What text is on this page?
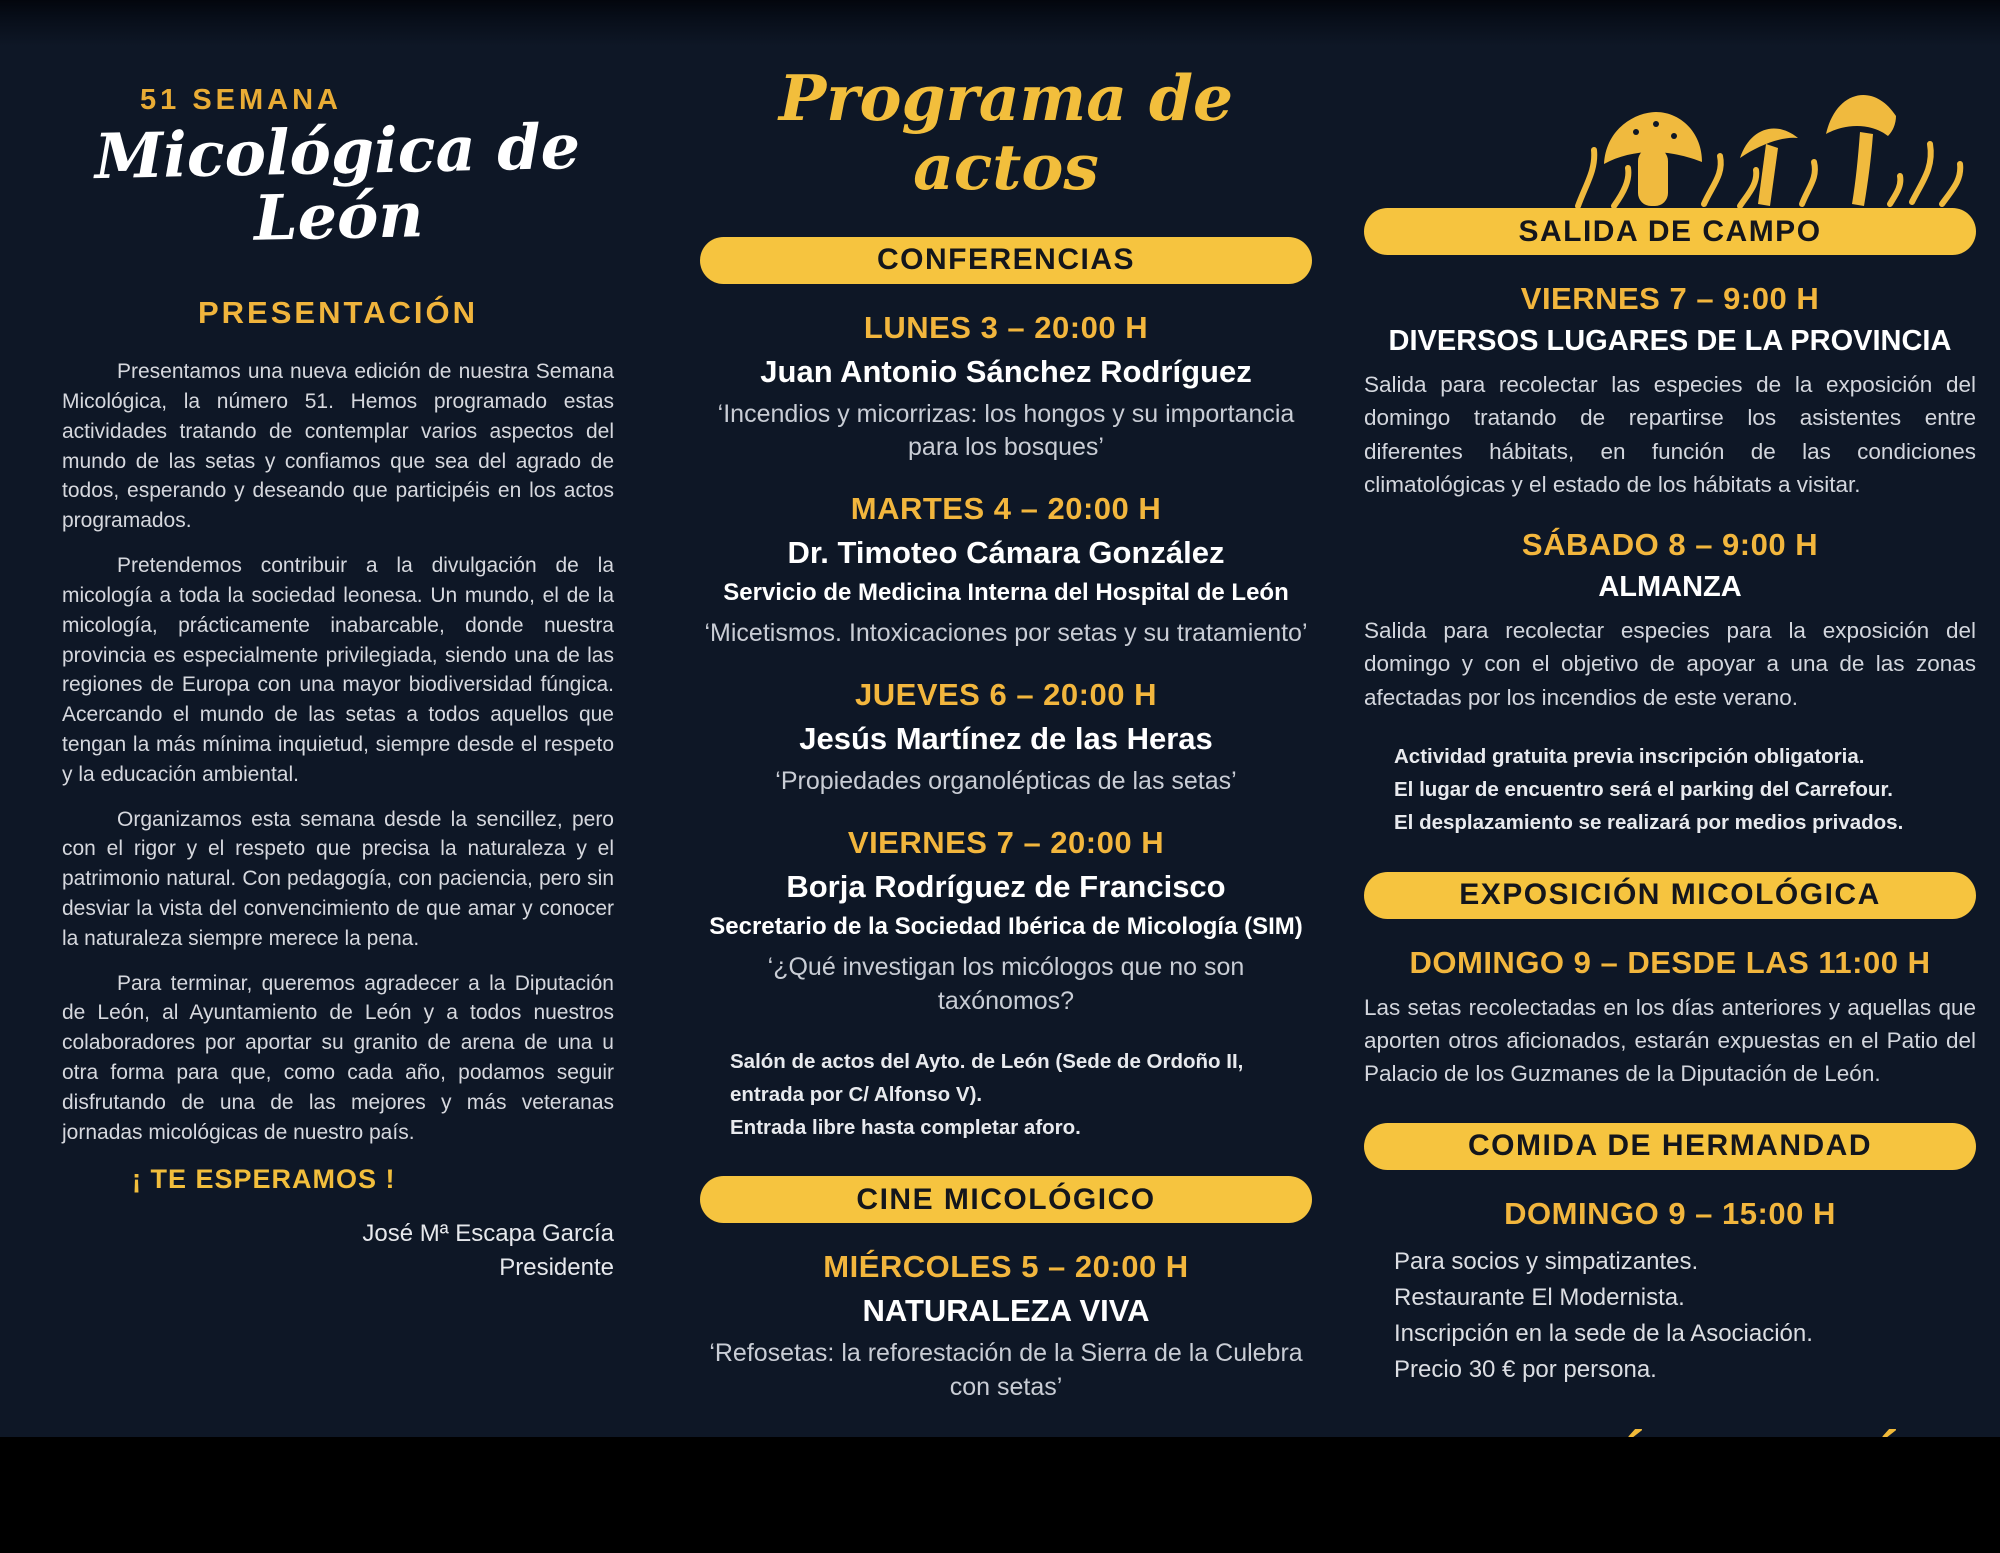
51 SEMANA
Micológica de León
PRESENTACIÓN

Presentamos una nueva edición de nuestra Semana Micológica, la número 51. Hemos programado estas actividades tratando de contemplar varios aspectos del mundo de las setas y confiamos que sea del agrado de todos, esperando y deseando que participéis en los actos programados.

Pretendemos contribuir a la divulgación de la micología a toda la sociedad leonesa. Un mundo, el de la micología, prácticamente inabarcable, donde nuestra provincia es especialmente privilegiada, siendo una de las regiones de Europa con una mayor biodiversidad fúngica. Acercando el mundo de las setas a todos aquellos que tengan la más mínima inquietud, siempre desde el respeto y la educación ambiental.

Organizamos esta semana desde la sencillez, pero con el rigor y el respeto que precisa la naturaleza y el patrimonio natural. Con pedagogía, con paciencia, pero sin desviar la vista del convencimiento de que amar y conocer la naturaleza siempre merece la pena.

Para terminar, queremos agradecer a la Diputación de León, al Ayuntamiento de León y a todos nuestros colaboradores por aportar su granito de arena de una u otra forma para que, como cada año, podamos seguir disfrutando de una de las mejores y más veteranas jornadas micológicas de nuestro país.

¡ TE ESPERAMOS !
José Mª Escapa García
Presidente
Programa de actos
CONFERENCIAS
LUNES 3 – 20:00 H
Juan Antonio Sánchez Rodríguez
‘Incendios y micorrizas: los hongos y su importancia para los bosques’
MARTES 4 – 20:00 H
Dr. Timoteo Cámara González
Servicio de Medicina Interna del Hospital de León
‘Micetismos. Intoxicaciones por setas y su tratamiento’
JUEVES 6 – 20:00 H
Jesús Martínez de las Heras
‘Propiedades organolépticas de las setas’
VIERNES 7 – 20:00 H
Borja Rodríguez de Francisco
Secretario de la Sociedad Ibérica de Micología (SIM)
‘¿Qué investigan los micólogos que no son taxónomos?
Salón de actos del Ayto. de León (Sede de Ordoño II, entrada por C/ Alfonso V).
Entrada libre hasta completar aforo.
CINE MICOLÓGICO
MIÉRCOLES 5 – 20:00 H
NATURALEZA VIVA
‘Refosetas: la reforestación de la Sierra de la Culebra con setas’
SALIDA DE CAMPO
VIERNES 7 – 9:00 H
DIVERSOS LUGARES DE LA PROVINCIA
Salida para recolectar las especies de la exposición del domingo tratando de repartirse los asistentes entre diferentes hábitats, en función de las condiciones climatológicas y el estado de los hábitats a visitar.
SÁBADO 8 – 9:00 H
ALMANZA
Salida para recolectar especies para la exposición del domingo y con el objetivo de apoyar a una de las zonas afectadas por los incendios de este verano.
Actividad gratuita previa inscripción obligatoria.
El lugar de encuentro será el parking del Carrefour.
El desplazamiento se realizará por medios privados.
EXPOSICIÓN MICOLÓGICA
DOMINGO 9 – DESDE LAS 11:00 H
Las setas recolectadas en los días anteriores y aquellas que aporten otros aficionados, estarán expuestas en el Patio del Palacio de los Guzmanes de la Diputación de León.
COMIDA DE HERMANDAD
DOMINGO 9 – 15:00 H
Para socios y simpatizantes.
Restaurante El Modernista.
Inscripción en la sede de la Asociación.
Precio 30 € por persona.
